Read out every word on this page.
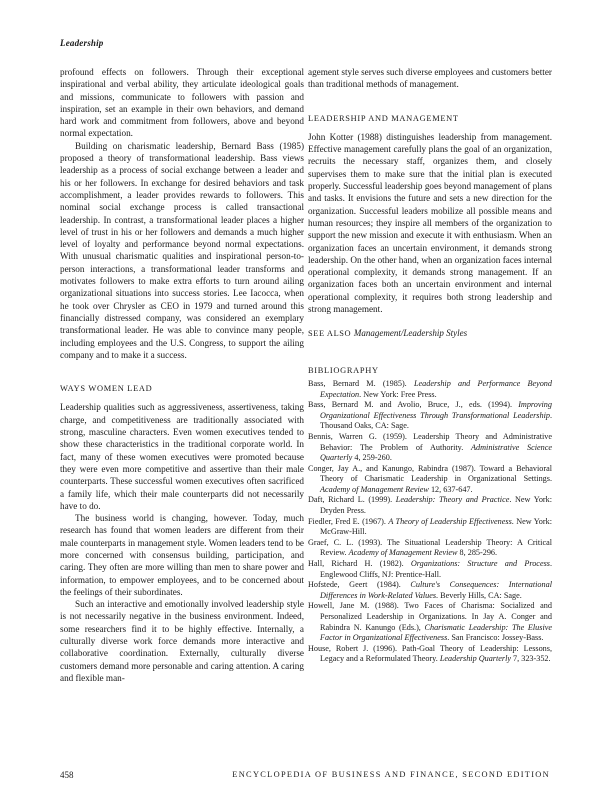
Leadership

profound effects on followers. Through their exceptional inspirational and verbal ability, they articulate ideological goals and missions, communicate to followers with passion and inspiration, set an example in their own behaviors, and demand hard work and commitment from followers, above and beyond normal expectation.

Building on charismatic leadership, Bernard Bass (1985) proposed a theory of transformational leadership. Bass views leadership as a process of social exchange between a leader and his or her followers. In exchange for desired behaviors and task accomplishment, a leader provides rewards to followers. This nominal social exchange process is called transactional leadership. In contrast, a transformational leader places a higher level of trust in his or her followers and demands a much higher level of loyalty and performance beyond normal expectations. With unusual charismatic qualities and inspirational person-to-person interactions, a transformational leader transforms and motivates followers to make extra efforts to turn around ailing organizational situations into success stories. Lee Iacocca, when he took over Chrysler as CEO in 1979 and turned around this financially distressed company, was considered an exemplary transformational leader. He was able to convince many people, including employees and the U.S. Congress, to support the ailing company and to make it a success.

WAYS WOMEN LEAD

Leadership qualities such as aggressiveness, assertiveness, taking charge, and competitiveness are traditionally associated with strong, masculine characters. Even women executives tended to show these characteristics in the traditional corporate world. In fact, many of these women executives were promoted because they were even more competitive and assertive than their male counterparts. These successful women executives often sacrificed a family life, which their male counterparts did not necessarily have to do.

The business world is changing, however. Today, much research has found that women leaders are different from their male counterparts in management style. Women leaders tend to be more concerned with consensus building, participation, and caring. They often are more willing than men to share power and information, to empower employees, and to be concerned about the feelings of their subordinates.

Such an interactive and emotionally involved leadership style is not necessarily negative in the business environment. Indeed, some researchers find it to be highly effective. Internally, a culturally diverse work force demands more interactive and collaborative coordination. Externally, culturally diverse customers demand more personable and caring attention. A caring and flexible man-

agement style serves such diverse employees and customers better than traditional methods of management.

LEADERSHIP AND MANAGEMENT

John Kotter (1988) distinguishes leadership from management. Effective management carefully plans the goal of an organization, recruits the necessary staff, organizes them, and closely supervises them to make sure that the initial plan is executed properly. Successful leadership goes beyond management of plans and tasks. It envisions the future and sets a new direction for the organization. Successful leaders mobilize all possible means and human resources; they inspire all members of the organization to support the new mission and execute it with enthusiasm. When an organization faces an uncertain environment, it demands strong leadership. On the other hand, when an organization faces internal operational complexity, it demands strong management. If an organization faces both an uncertain environment and internal operational complexity, it requires both strong leadership and strong management.

SEE ALSO Management/Leadership Styles
BIBLIOGRAPHY

Bass, Bernard M. (1985). Leadership and Performance Beyond Expectation. New York: Free Press.

Bass, Bernard M. and Avolio, Bruce, J., eds. (1994). Improving Organizational Effectiveness Through Transformational Leadership. Thousand Oaks, CA: Sage.

Bennis, Warren G. (1959). Leadership Theory and Administrative Behavior: The Problem of Authority. Administrative Science Quarterly 4, 259-260.

Conger, Jay A., and Kanungo, Rabindra (1987). Toward a Behavioral Theory of Charismatic Leadership in Organizational Settings. Academy of Management Review 12, 637-647.

Daft, Richard L. (1999). Leadership: Theory and Practice. New York: Dryden Press.

Fiedler, Fred E. (1967). A Theory of Leadership Effectiveness. New York: McGraw-Hill.

Graef, C. L. (1993). The Situational Leadership Theory: A Critical Review. Academy of Management Review 8, 285-296.

Hall, Richard H. (1982). Organizations: Structure and Process. Englewood Cliffs, NJ: Prentice-Hall.

Hofstede, Geert (1984). Culture's Consequences: International Differences in Work-Related Values. Beverly Hills, CA: Sage.

Howell, Jane M. (1988). Two Faces of Charisma: Socialized and Personalized Leadership in Organizations. In Jay A. Conger and Rabindra N. Kanungo (Eds.), Charismatic Leadership: The Elusive Factor in Organizational Effectiveness. San Francisco: Jossey-Bass.

House, Robert J. (1996). Path-Goal Theory of Leadership: Lessons, Legacy and a Reformulated Theory. Leadership Quarterly 7, 323-352.

458	ENCYCLOPEDIA OF BUSINESS AND FINANCE, SECOND EDITION
